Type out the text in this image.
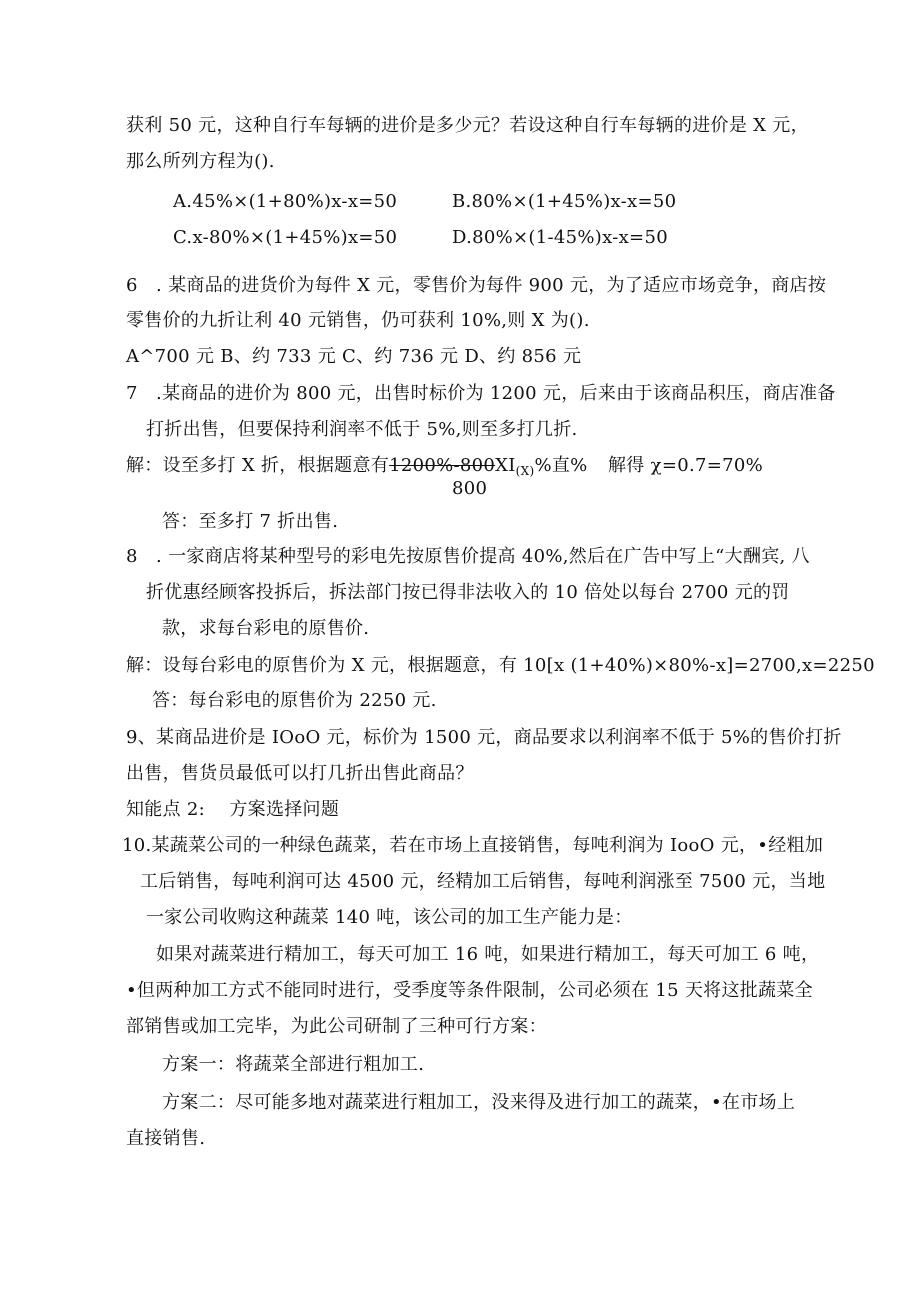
获利 50 元，这种自行车每辆的进价是多少元？若设这种自行车每辆的进价是 X 元，
那么所列方程为().
A.45%×(1+80%)x-x=50	B.80%×(1+45%)x-x=50
C.x-80%×(1+45%)x=50	D.80%×(1-45%)x-x=50
6　. 某商品的进货价为每件 X 元，零售价为每件 900 元，为了适应市场竞争，商店按
零售价的九折让利 40 元销售，仍可获利 10%,则 X 为().
A^700 元 B、约 733 元 C、约 736 元 D、约 856 元
7　.某商品的进价为 800 元，出售时标价为 1200 元，后来由于该商品积压，商店准备
打折出售，但要保持利润率不低于 5%,则至多打几折.
解：设至多打 X 折，根据题意有$1200\%-800XI_{(X)}\%$直% 解得 χ=0.7=70%
800
答：至多打 7 折出售.
8　. 一家商店将某种型号的彩电先按原售价提高 40%,然后在广告中写上“大酬宾, 八
折优惠经顾客投拆后，拆法部门按已得非法收入的 10 倍处以每台 2700 元的罚
款，求每台彩电的原售价.
解：设每台彩电的原售价为 X 元，根据题意，有 10[x (1+40%)×80%-x]=2700,x=2250
答：每台彩电的原售价为 2250 元.
9、某商品进价是 IOoO 元，标价为 1500 元，商品要求以利润率不低于 5%的售价打折
出售，售货员最低可以打几折出售此商品？
知能点 2:　 方案选择问题
10.某蔬菜公司的一种绿色蔬菜，若在市场上直接销售，每吨利润为 IooO 元，•经粗加
工后销售，每吨利润可达 4500 元，经精加工后销售，每吨利润涨至 7500 元，当地
一家公司收购这种蔬菜 140 吨，该公司的加工生产能力是：
如果对蔬菜进行精加工，每天可加工 16 吨，如果进行精加工，每天可加工 6 吨，
•但两种加工方式不能同时进行，受季度等条件限制，公司必须在 15 天将这批蔬菜全
部销售或加工完毕，为此公司研制了三种可行方案：
方案一：将蔬菜全部进行粗加工.
方案二：尽可能多地对蔬菜进行粗加工，没来得及进行加工的蔬菜，•在市场上
直接销售.
